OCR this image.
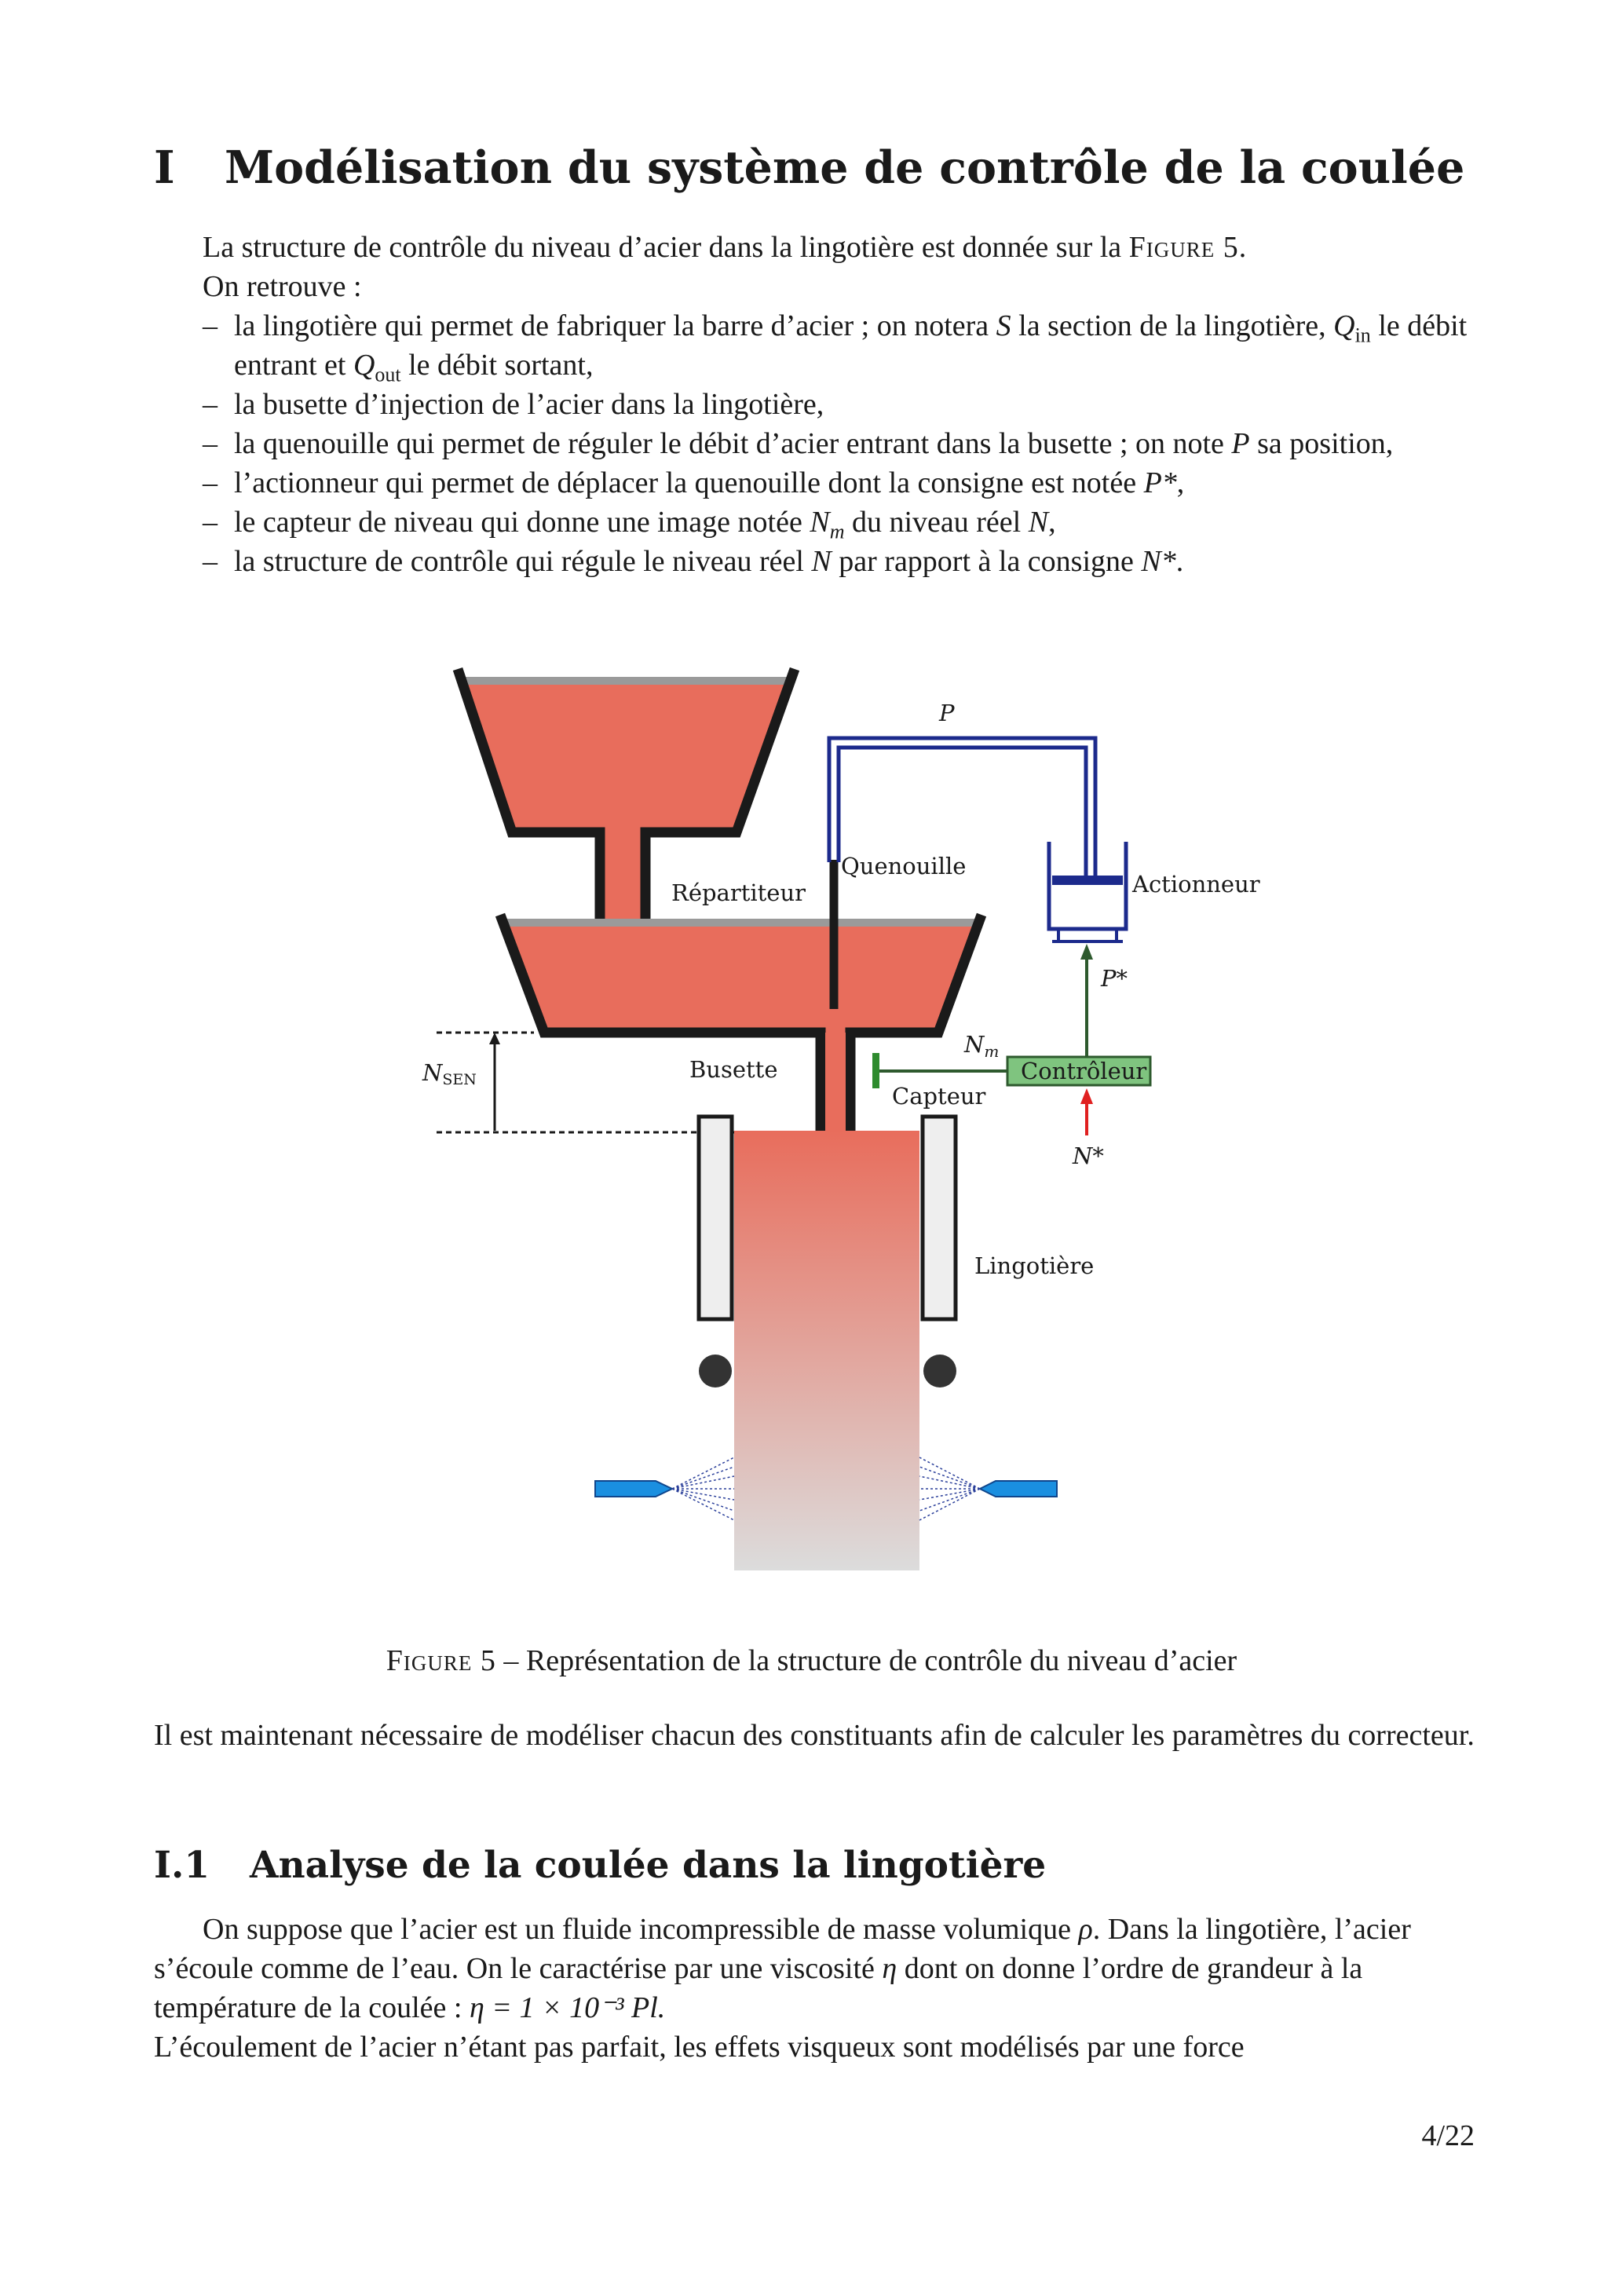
I Modélisation du système de contrôle de la coulée
La structure de contrôle du niveau d’acier dans la lingotière est donnée sur la Figure 5.
On retrouve :
– la lingotière qui permet de fabriquer la barre d’acier ; on notera S la section de la lingotière, $Q_{in}$ le débit entrant et $Q_{out}$ le débit sortant,
– la busette d’injection de l’acier dans la lingotière,
– la quenouille qui permet de réguler le débit d’acier entrant dans la busette ; on note P sa position,
– l’actionneur qui permet de déplacer la quenouille dont la consigne est notée P*,
– le capteur de niveau qui donne une image notée $N_m$ du niveau réel N,
– la structure de contrôle qui régule le niveau réel N par rapport à la consigne N*.
P
Quenouille
Actionneur
Répartiteur
P*
$N_m$
Contrôleur
NSEN	Busette
Capteur
N*
Lingotière
Figure 5 – Représentation de la structure de contrôle du niveau d’acier
Il est maintenant nécessaire de modéliser chacun des constituants afin de calculer les paramètres du correcteur.
I.1 Analyse de la coulée dans la lingotière
On suppose que l’acier est un fluide incompressible de masse volumique ρ. Dans la lingotière, l’acier s’écoule comme de l’eau. On le caractérise par une viscosité η dont on donne l’ordre de grandeur à la température de la coulée : η = 1 × 10⁻³ Pl.
L’écoulement de l’acier n’étant pas parfait, les effets visqueux sont modélisés par une force
4/22
